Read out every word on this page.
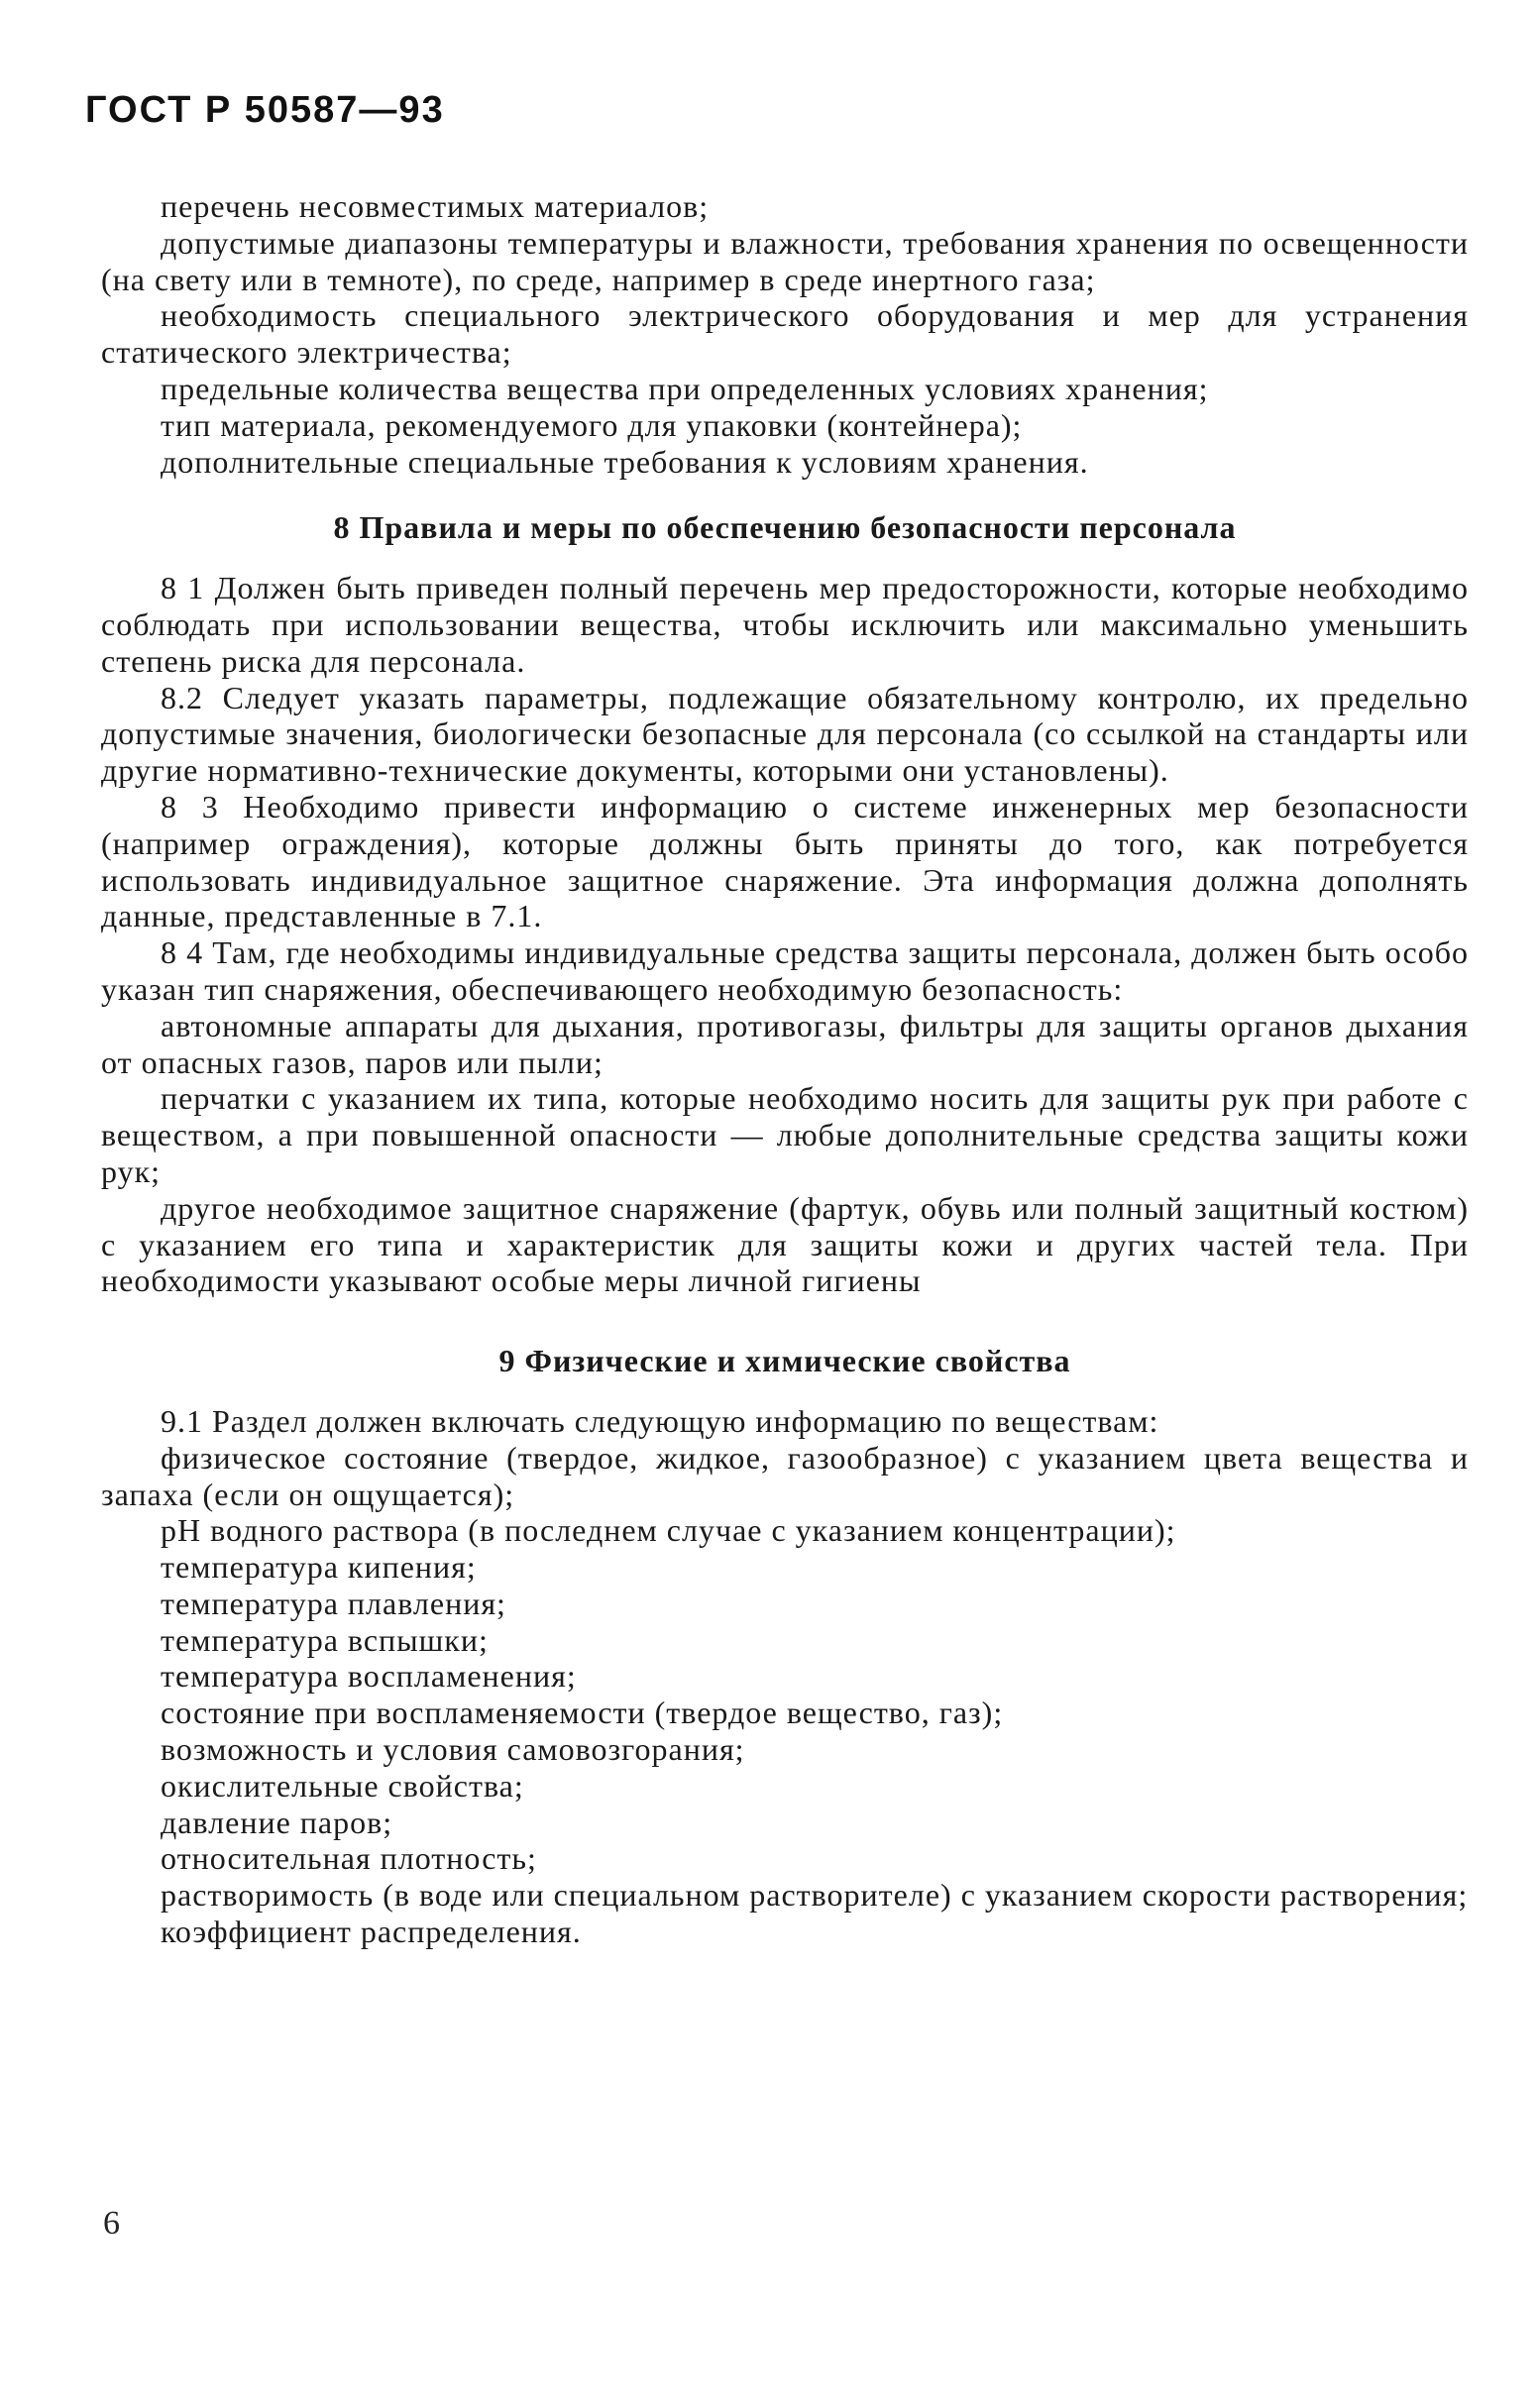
ГОСТ Р 50587—93

перечень несовместимых материалов;

допустимые диапазоны температуры и влажности, требования хранения по освещенности (на свету или в темноте), по среде, например в среде инертного газа;

необходимость специального электрического оборудования и мер для устранения статического электричества;

предельные количества вещества при определенных условиях хранения;

тип материала, рекомендуемого для упаковки (контейнера);

дополнительные специальные требования к условиям хранения.

8 Правила и меры по обеспечению безопасности персонала

8 1 Должен быть приведен полный перечень мер предосторожности, которые необходимо соблюдать при использовании вещества, чтобы исключить или максимально уменьшить степень риска для персонала.

8.2 Следует указать параметры, подлежащие обязательному контролю, их предельно допустимые значения, биологически безопасные для персонала (со ссылкой на стандарты или другие нормативно-технические документы, которыми они установлены).

8 3 Необходимо привести информацию о системе инженерных мер безопасности (например ограждения), которые должны быть приняты до того, как потребуется использовать индивидуальное защитное снаряжение. Эта информация должна дополнять данные, представленные в 7.1.

8 4 Там, где необходимы индивидуальные средства защиты персонала, должен быть особо указан тип снаряжения, обеспечивающего необходимую безопасность:

автономные аппараты для дыхания, противогазы, фильтры для защиты органов дыхания от опасных газов, паров или пыли;

перчатки с указанием их типа, которые необходимо носить для защиты рук при работе с веществом, а при повышенной опасности — любые дополнительные средства защиты кожи рук;

другое необходимое защитное снаряжение (фартук, обувь или полный защитный костюм) с указанием его типа и характеристик для защиты кожи и других частей тела. При необходимости указывают особые меры личной гигиены

9 Физические и химические свойства

9.1 Раздел должен включать следующую информацию по веществам:

физическое состояние (твердое, жидкое, газообразное) с указанием цвета вещества и запаха (если он ощущается);

pH водного раствора (в последнем случае с указанием концентрации);

температура кипения;

температура плавления;

температура вспышки;

температура воспламенения;

состояние при воспламеняемости (твердое вещество, газ);

возможность и условия самовозгорания;

окислительные свойства;

давление паров;

относительная плотность;

растворимость (в воде или специальном растворителе) с указанием скорости растворения;

коэффициент распределения.

6
